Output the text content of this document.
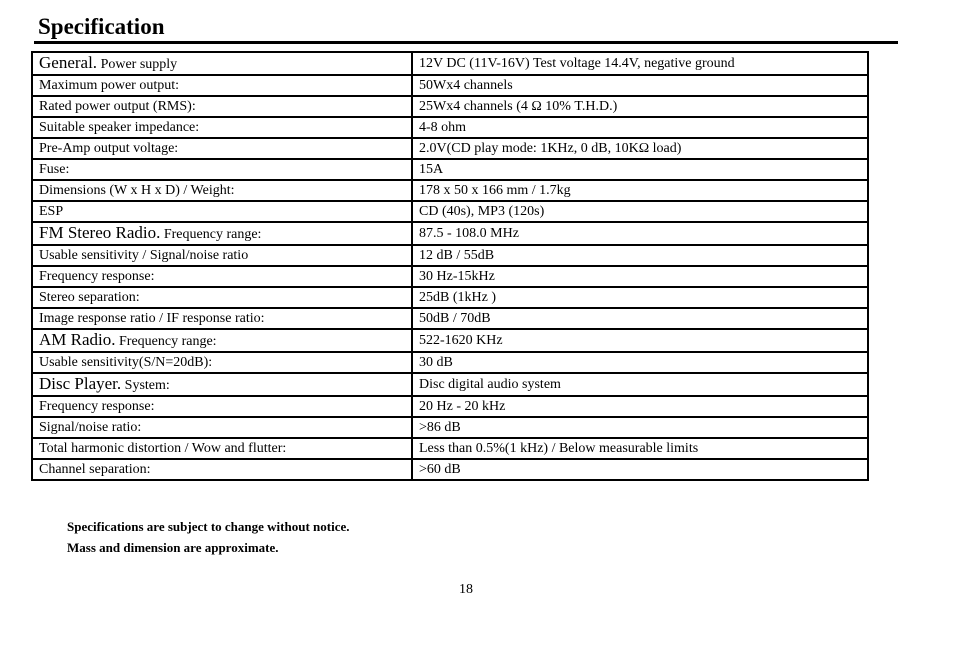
Specification
General. Power supply	12V DC (11V-16V) Test voltage 14.4V, negative ground
Maximum power output:	50Wx4 channels
Rated power output (RMS):	25Wx4 channels (4 Ω 10% T.H.D.)
Suitable speaker impedance:	4-8 ohm
Pre-Amp output voltage:	2.0V(CD play mode: 1KHz, 0 dB, 10KΩ load)
Fuse:	15A
Dimensions (W x H x D) / Weight:	178 x 50 x 166 mm / 1.7kg
ESP	CD (40s), MP3 (120s)
FM Stereo Radio. Frequency range:	87.5 - 108.0 MHz
Usable sensitivity / Signal/noise ratio	12 dB / 55dB
Frequency response:	30 Hz-15kHz
Stereo separation:	25dB (1kHz )
Image response ratio / IF response ratio:	50dB / 70dB
AM Radio. Frequency range:	522-1620 KHz
Usable sensitivity(S/N=20dB):	30 dB
Disc Player. System:	Disc digital audio system
Frequency response:	20 Hz - 20 kHz
Signal/noise ratio:	>86 dB
Total harmonic distortion / Wow and flutter:	Less than 0.5%(1 kHz) / Below measurable limits
Channel separation:	>60 dB
Specifications are subject to change without notice.
Mass and dimension are approximate.
18
